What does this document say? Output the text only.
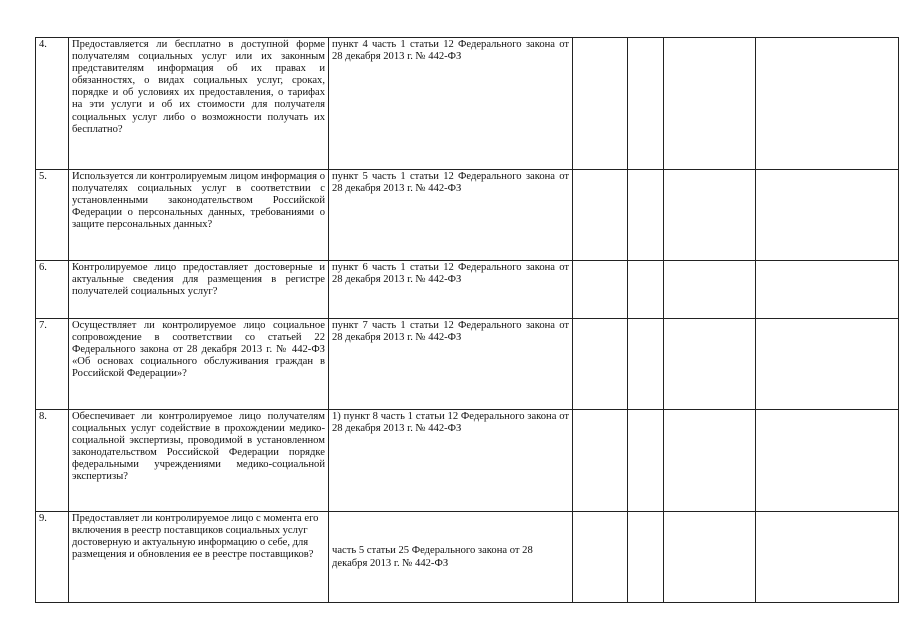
4.	Предоставляется ли бесплатно в доступной форме получателям социальных услуг или их законным представителям информация об их правах и обязанностях, о видах социальных услуг, сроках, порядке и об условиях их предоставления, о тарифах на эти услуги и об их стоимости для получателя социальных услуг либо о возможности получать их бесплатно?	пункт 4 часть 1 статьи 12 Федерального закона от 28 декабря 2013 г. № 442-ФЗ				
5.	Используется ли контролируемым лицом информация о получателях социальных услуг в соответствии с установленными законодательством Российской Федерации о персональных данных, требованиями о защите персональных данных?	пункт 5 часть 1 статьи 12 Федерального закона от 28 декабря 2013 г. № 442-ФЗ				
6.	Контролируемое лицо предоставляет достоверные и актуальные сведения для размещения в регистре получателей социальных услуг?	пункт 6 часть 1 статьи 12 Федерального закона от 28 декабря 2013 г. № 442-ФЗ				
7.	Осуществляет ли контролируемое лицо социальное сопровождение в соответствии со статьей 22 Федерального закона от 28 декабря 2013 г. № 442-ФЗ «Об основах социального обслуживания граждан в Российской Федерации»?	пункт 7 часть 1 статьи 12 Федерального закона от 28 декабря 2013 г. № 442-ФЗ				
8.	Обеспечивает ли контролируемое лицо получателям социальных услуг содействие в прохождении медико-социальной экспертизы, проводимой в установленном законодательством Российской Федерации порядке федеральными учреждениями медико-социальной экспертизы?	1) пункт 8 часть 1 статьи 12 Федерального закона от 28 декабря 2013 г. № 442-ФЗ				
9.	Предоставляет ли контролируемое лицо с момента его включения в реестр поставщиков социальных услуг достоверную и актуальную информацию о себе, для размещения и обновления ее в реестре поставщиков?	часть 5 статьи 25 Федерального закона от 28 декабря 2013 г. № 442-ФЗ				
